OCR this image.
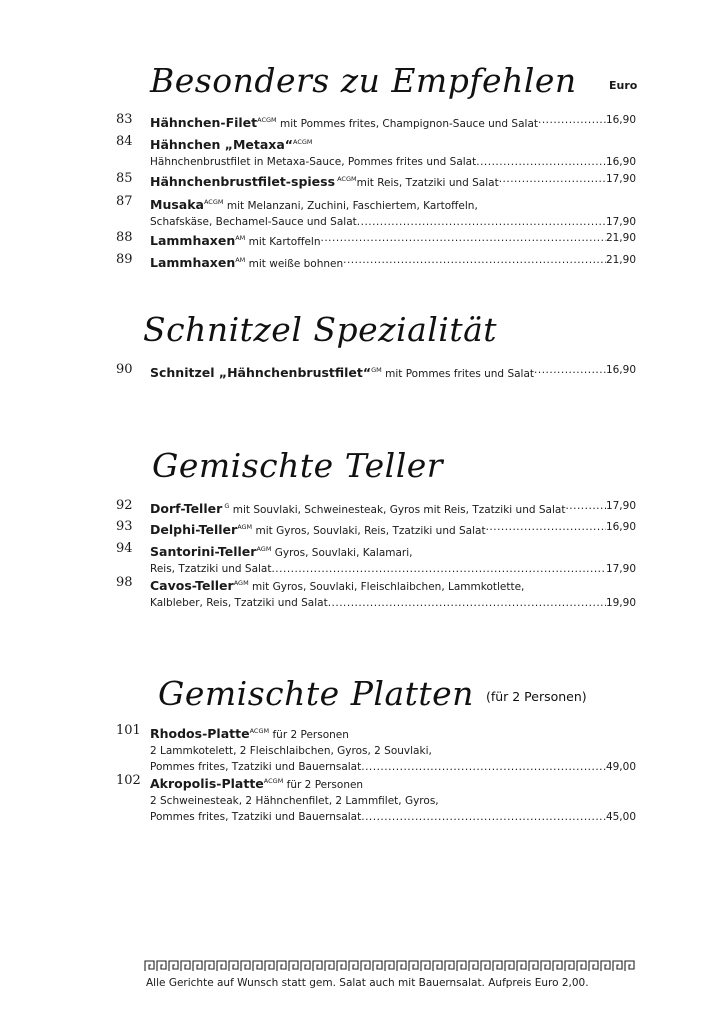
Besonders zu Empfehlen	Euro
83 Hähnchen-Filet$^{ACGM}$ mit Pommes frites, Champignon-Sauce und Salat .....	16,90
84 Hähnchen „Metaxa“$^{ACGM}$
Hähnchenbrustfilet in Metaxa-Sauce, Pommes frites und Salat .....	16,90
85 Hähnchenbrustfilet-spiess $^{ACGM}$mit Reis, Tzatziki und Salat .....	17,90
87 Musaka$^{ACGM}$ mit Melanzani, Zuchini, Faschiertem, Kartoffeln,
Schafskäse, Bechamel-Sauce und Salat .....	17,90
88 Lammhaxen$^{AM}$ mit Kartoffeln .....	21,90
89 Lammhaxen$^{AM}$ mit weiße bohnen .....	21,90
Schnitzel Spezialität
90 Schnitzel „Hähnchenbrustfilet“$^{GM}$ mit Pommes frites und Salat .....	16,90
Gemischte Teller
92 Dorf-Teller $^G$ mit Souvlaki, Schweinesteak, Gyros mit Reis, Tzatziki und Salat .....	17,90
93 Delphi-Teller$^{AGM}$ mit Gyros, Souvlaki, Reis, Tzatziki und Salat .....	16,90
94 Santorini-Teller$^{AGM}$ Gyros, Souvlaki, Kalamari,
Reis, Tzatziki und Salat .....	17,90
98 Cavos-Teller$^{AGM}$ mit Gyros, Souvlaki, Fleischlaibchen, Lammkotlette,
Kalbleber, Reis, Tzatziki und Salat .....	19,90
Gemischte Platten (für 2 Personen)
101 Rhodos-Platte$^{ACGM}$ für 2 Personen
2 Lammkotelett, 2 Fleischlaibchen, Gyros, 2 Souvlaki,
Pommes frites, Tzatziki und Bauernsalat .....	49,00
102 Akropolis-Platte$^{ACGM}$ für 2 Personen
2 Schweinesteak, 2 Hähnchenfilet, 2 Lammfilet, Gyros,
Pommes frites, Tzatziki und Bauernsalat .....	45,00
Alle Gerichte auf Wunsch statt gem. Salat auch mit Bauernsalat. Aufpreis Euro 2,00.
